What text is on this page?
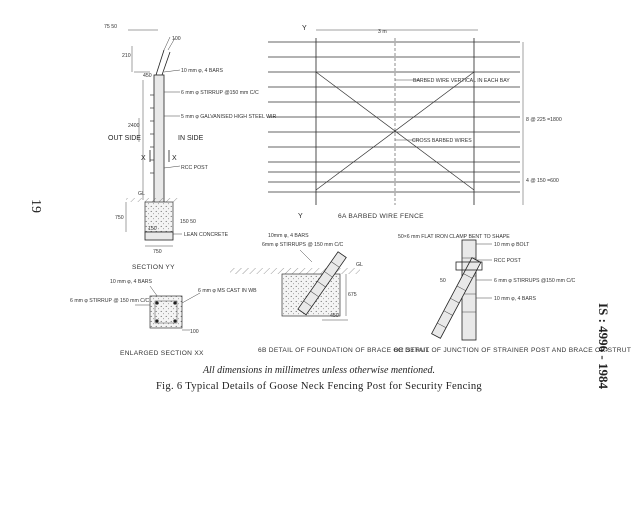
75 50
100
210
450
10 mm φ, 4 BARS
6 mm φ STIRRUP @150 mm C/C
5 mm φ GALVANISED HIGH STEEL WIR
2400
OUT SIDE	IN SIDE
X	X
RCC POST
GL
750
150 50
LEAN CONCRETE
150
750
SECTION YY
Y	3 m
BARBED WIRE VERTICAL IN EACH BAY
CROSS BARBED WIRES
8 @ 225 =1800
4 @ 150 =600
Y	6A BARBED WIRE FENCE
10 mm φ, 4 BARS
6 mm φ STIRRUP @ 150 mm C/C
6 mm φ MS CAST IN WB
100
ENLARGED SECTION XX
10mm φ, 4 BARS
6mm φ STIRRUPS @ 150 mm C/C
GL
675
450
6B DETAIL OF FOUNDATION OF BRACE OR STRUT
50×6 mm FLAT IRON CLAMP BENT TO SHAPE
50
10 mm φ BOLT
RCC POST
6 mm φ STIRRUPS @150 mm C/C
10 mm φ, 4 BARS
6C DETAIL OF JUNCTION OF STRAINER POST AND BRACE OR STRUT
19
IS : 4996 - 1984
All dimensions in millimetres unless otherwise mentioned.
Fig. 6 Typical Details of Goose Neck Fencing Post for Security Fencing
